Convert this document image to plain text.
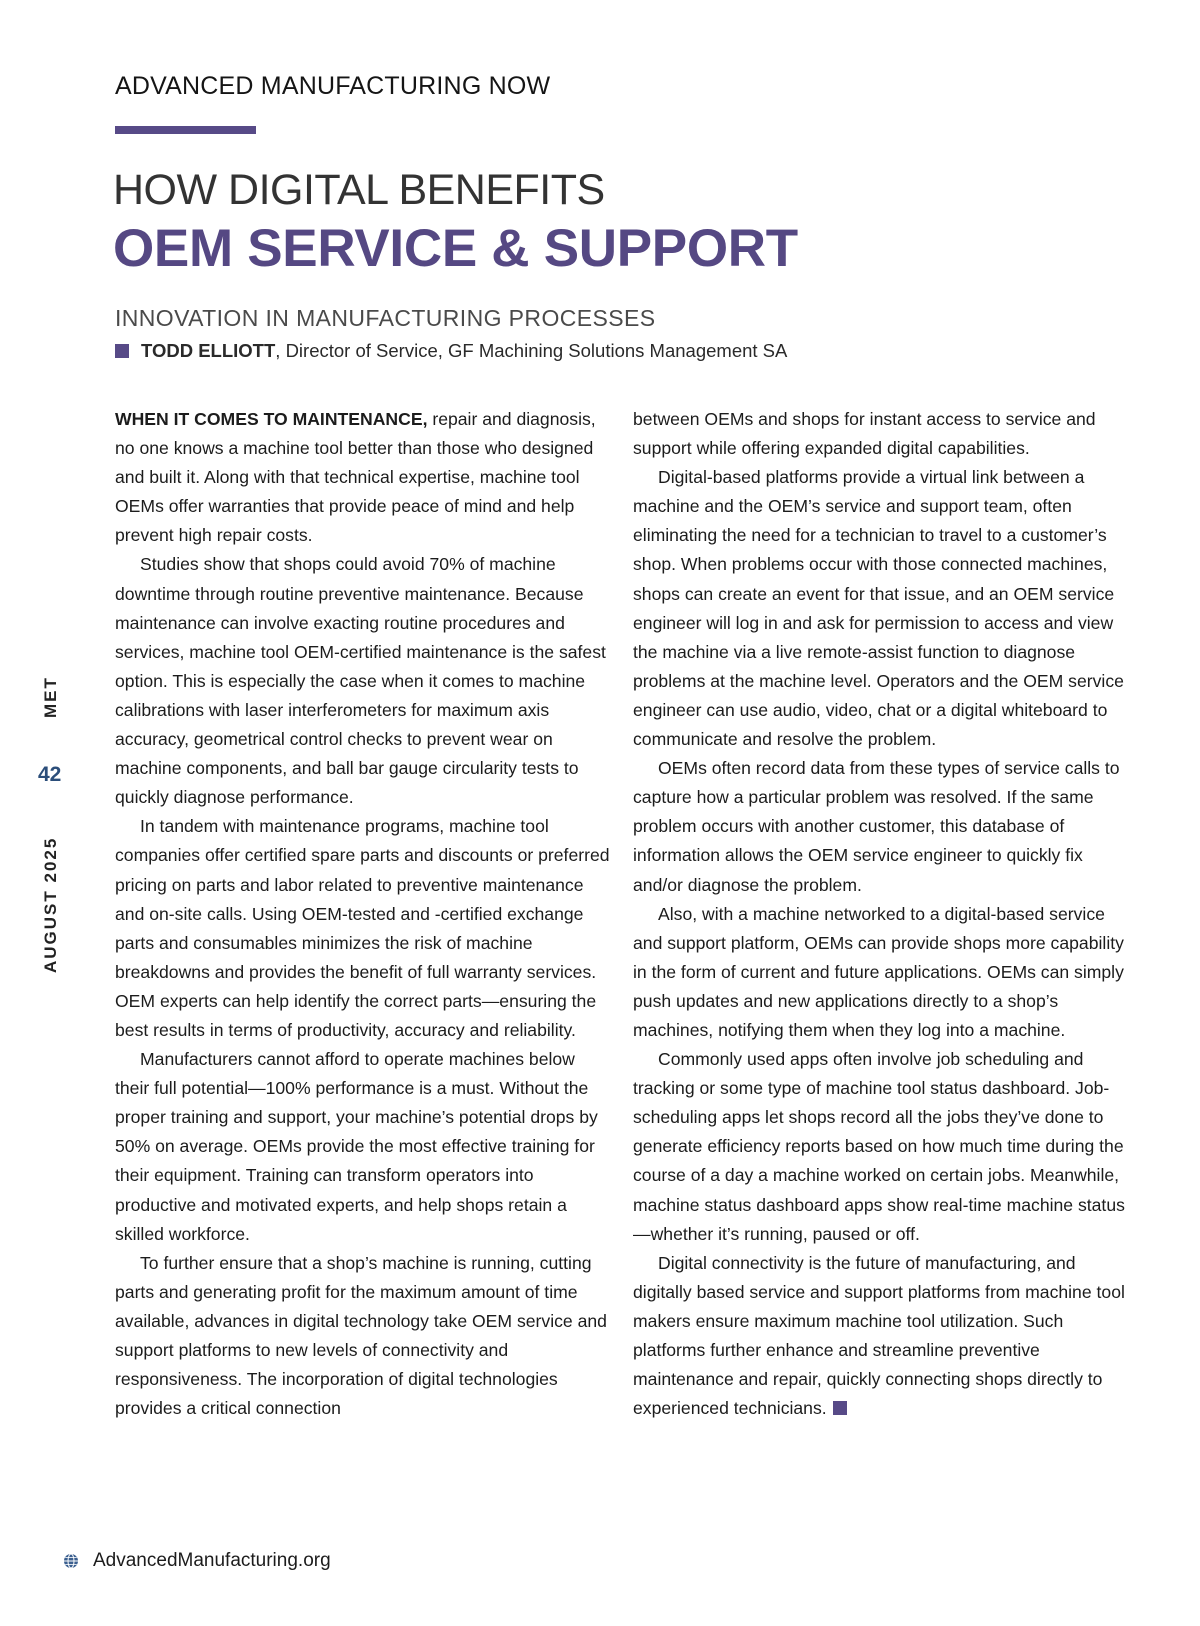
ADVANCED MANUFACTURING NOW
HOW DIGITAL BENEFITS
OEM SERVICE & SUPPORT
INNOVATION IN MANUFACTURING PROCESSES
TODD ELLIOTT , Director of Service, GF Machining Solutions Management SA
MET
42
AUGUST 2025

WHEN IT COMES TO MAINTENANCE, repair and diagnosis, no one knows a machine tool better than those who designed and built it. Along with that technical expertise, machine tool OEMs offer warranties that provide peace of mind and help prevent high repair costs.

Studies show that shops could avoid 70% of machine downtime through routine preventive maintenance. Because maintenance can involve exacting routine procedures and services, machine tool OEM-certified maintenance is the safest option. This is especially the case when it comes to machine calibrations with laser interferometers for maximum axis accuracy, geometrical control checks to prevent wear on machine components, and ball bar gauge circularity tests to quickly diagnose performance.

In tandem with maintenance programs, machine tool companies offer certified spare parts and discounts or preferred pricing on parts and labor related to preventive maintenance and on-site calls. Using OEM-tested and -certified exchange parts and consumables minimizes the risk of machine breakdowns and provides the benefit of full warranty services. OEM experts can help identify the correct parts—ensuring the best results in terms of productivity, accuracy and reliability.

Manufacturers cannot afford to operate machines below their full potential—100% performance is a must. Without the proper training and support, your machine’s potential drops by 50% on average. OEMs provide the most effective training for their equipment. Training can transform operators into productive and motivated experts, and help shops retain a skilled workforce.

To further ensure that a shop’s machine is running, cutting parts and generating profit for the maximum amount of time available, advances in digital technology take OEM service and support platforms to new levels of connectivity and responsiveness. The incorporation of digital technologies provides a critical connection

between OEMs and shops for instant access to service and support while offering expanded digital capabilities.

Digital-based platforms provide a virtual link between a machine and the OEM’s service and support team, often eliminating the need for a technician to travel to a customer’s shop. When problems occur with those connected machines, shops can create an event for that issue, and an OEM service engineer will log in and ask for permission to access and view the machine via a live remote-assist function to diagnose problems at the machine level. Operators and the OEM service engineer can use audio, video, chat or a digital whiteboard to communicate and resolve the problem.

OEMs often record data from these types of service calls to capture how a particular problem was resolved. If the same problem occurs with another customer, this database of information allows the OEM service engineer to quickly fix and/or diagnose the problem.

Also, with a machine networked to a digital-based service and support platform, OEMs can provide shops more capability in the form of current and future applications. OEMs can simply push updates and new applications directly to a shop’s machines, notifying them when they log into a machine.

Commonly used apps often involve job scheduling and tracking or some type of machine tool status dashboard. Job-scheduling apps let shops record all the jobs they’ve done to generate efficiency reports based on how much time during the course of a day a machine worked on certain jobs. Meanwhile, machine status dashboard apps show real-time machine status—whether it’s running, paused or off.

Digital connectivity is the future of manufacturing, and digitally based service and support platforms from machine tool makers ensure maximum machine tool utilization. Such platforms further enhance and streamline preventive maintenance and repair, quickly connecting shops directly to experienced technicians.

AdvancedManufacturing.org
